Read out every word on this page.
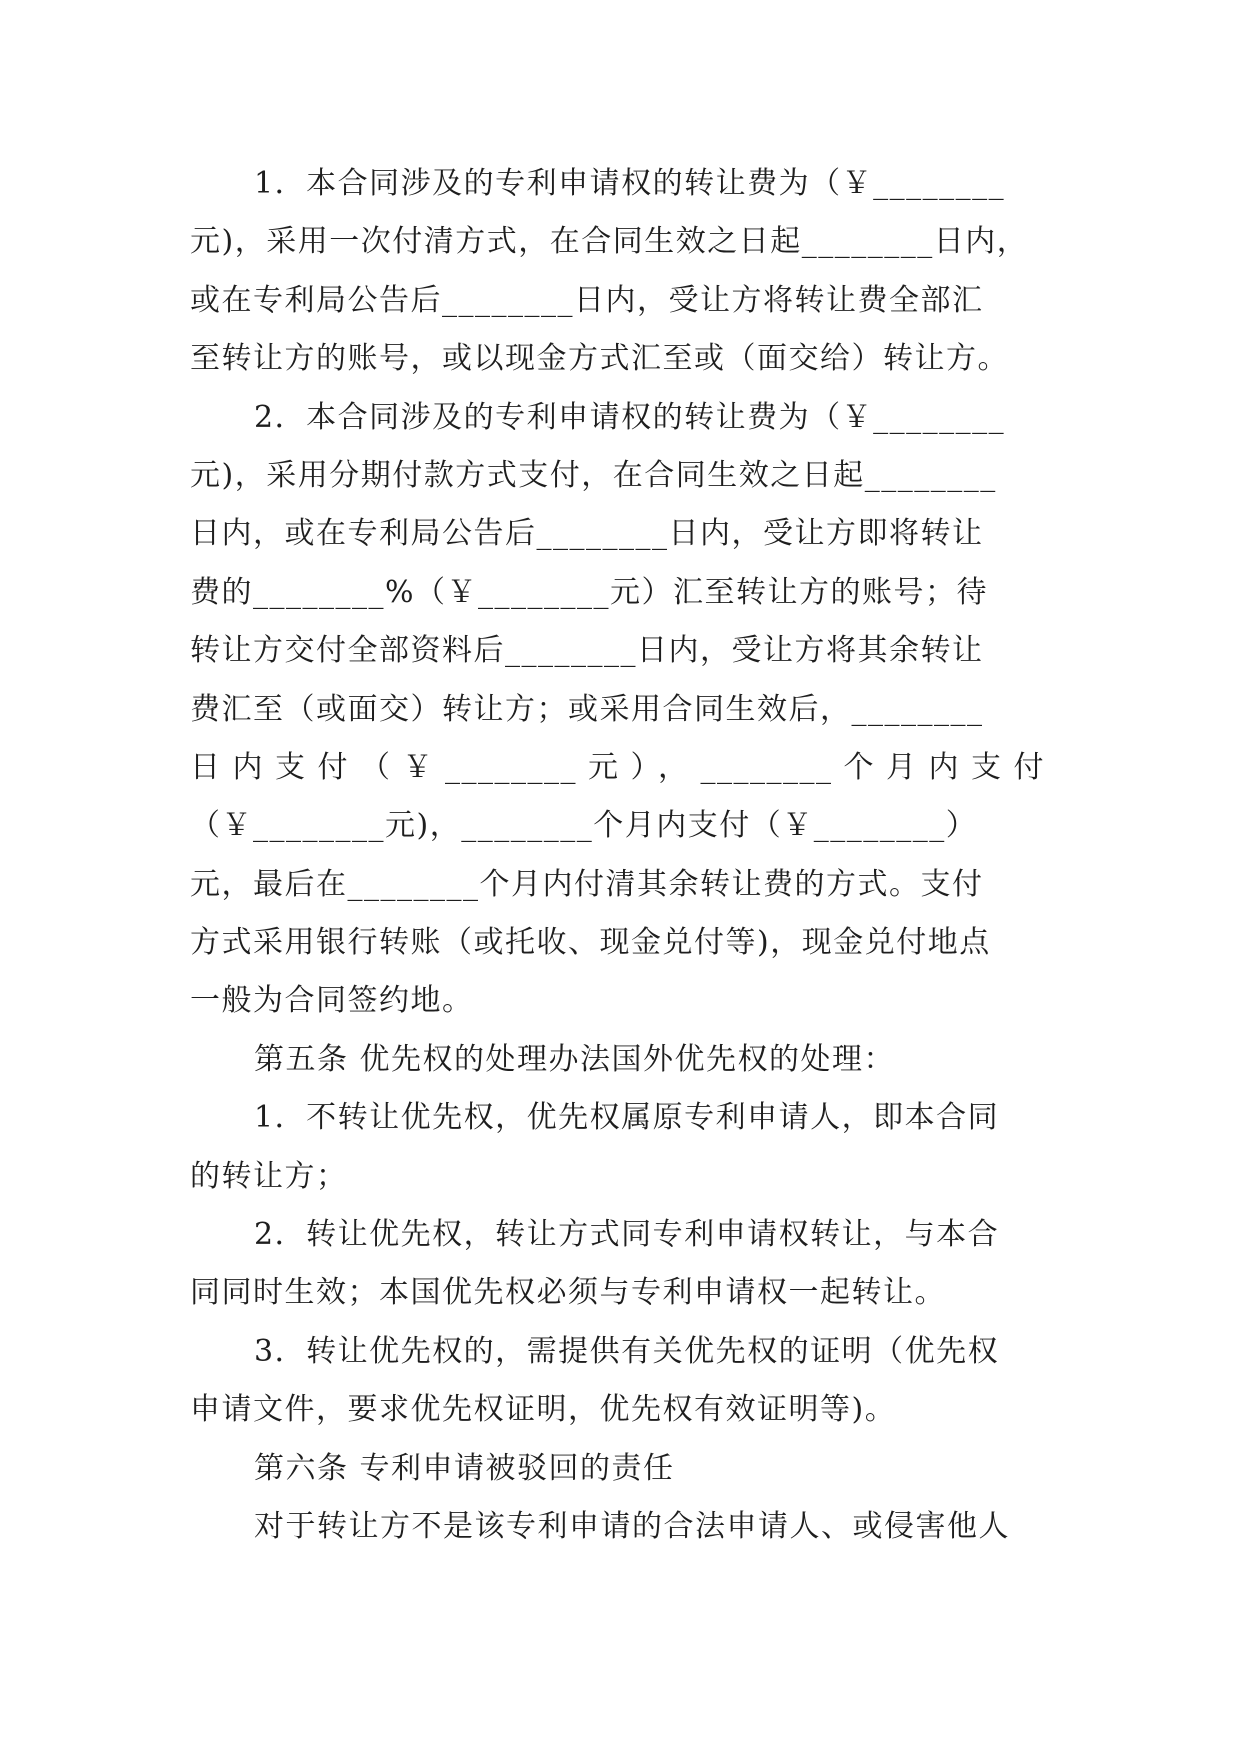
1．本合同涉及的专利申请权的转让费为（￥________
元)，采用一次付清方式，在合同生效之日起________日内，
或在专利局公告后________日内，受让方将转让费全部汇
至转让方的账号，或以现金方式汇至或（面交给）转让方。
2．本合同涉及的专利申请权的转让费为（￥________
元)，采用分期付款方式支付，在合同生效之日起________
日内，或在专利局公告后________日内，受让方即将转让
费的________%（￥________元）汇至转让方的账号；待
转让方交付全部资料后________日内，受让方将其余转让
费汇至（或面交）转让方；或采用合同生效后，________
日内支付（￥________元），________个月内支付
（￥________元)，________个月内支付（￥________）
元，最后在________个月内付清其余转让费的方式。支付
方式采用银行转账（或托收、现金兑付等)，现金兑付地点
一般为合同签约地。
第五条 优先权的处理办法国外优先权的处理：
1．不转让优先权，优先权属原专利申请人，即本合同
的转让方；
2．转让优先权，转让方式同专利申请权转让，与本合
同同时生效；本国优先权必须与专利申请权一起转让。
3．转让优先权的，需提供有关优先权的证明（优先权
申请文件，要求优先权证明，优先权有效证明等)。
第六条 专利申请被驳回的责任
对于转让方不是该专利申请的合法申请人、或侵害他人
